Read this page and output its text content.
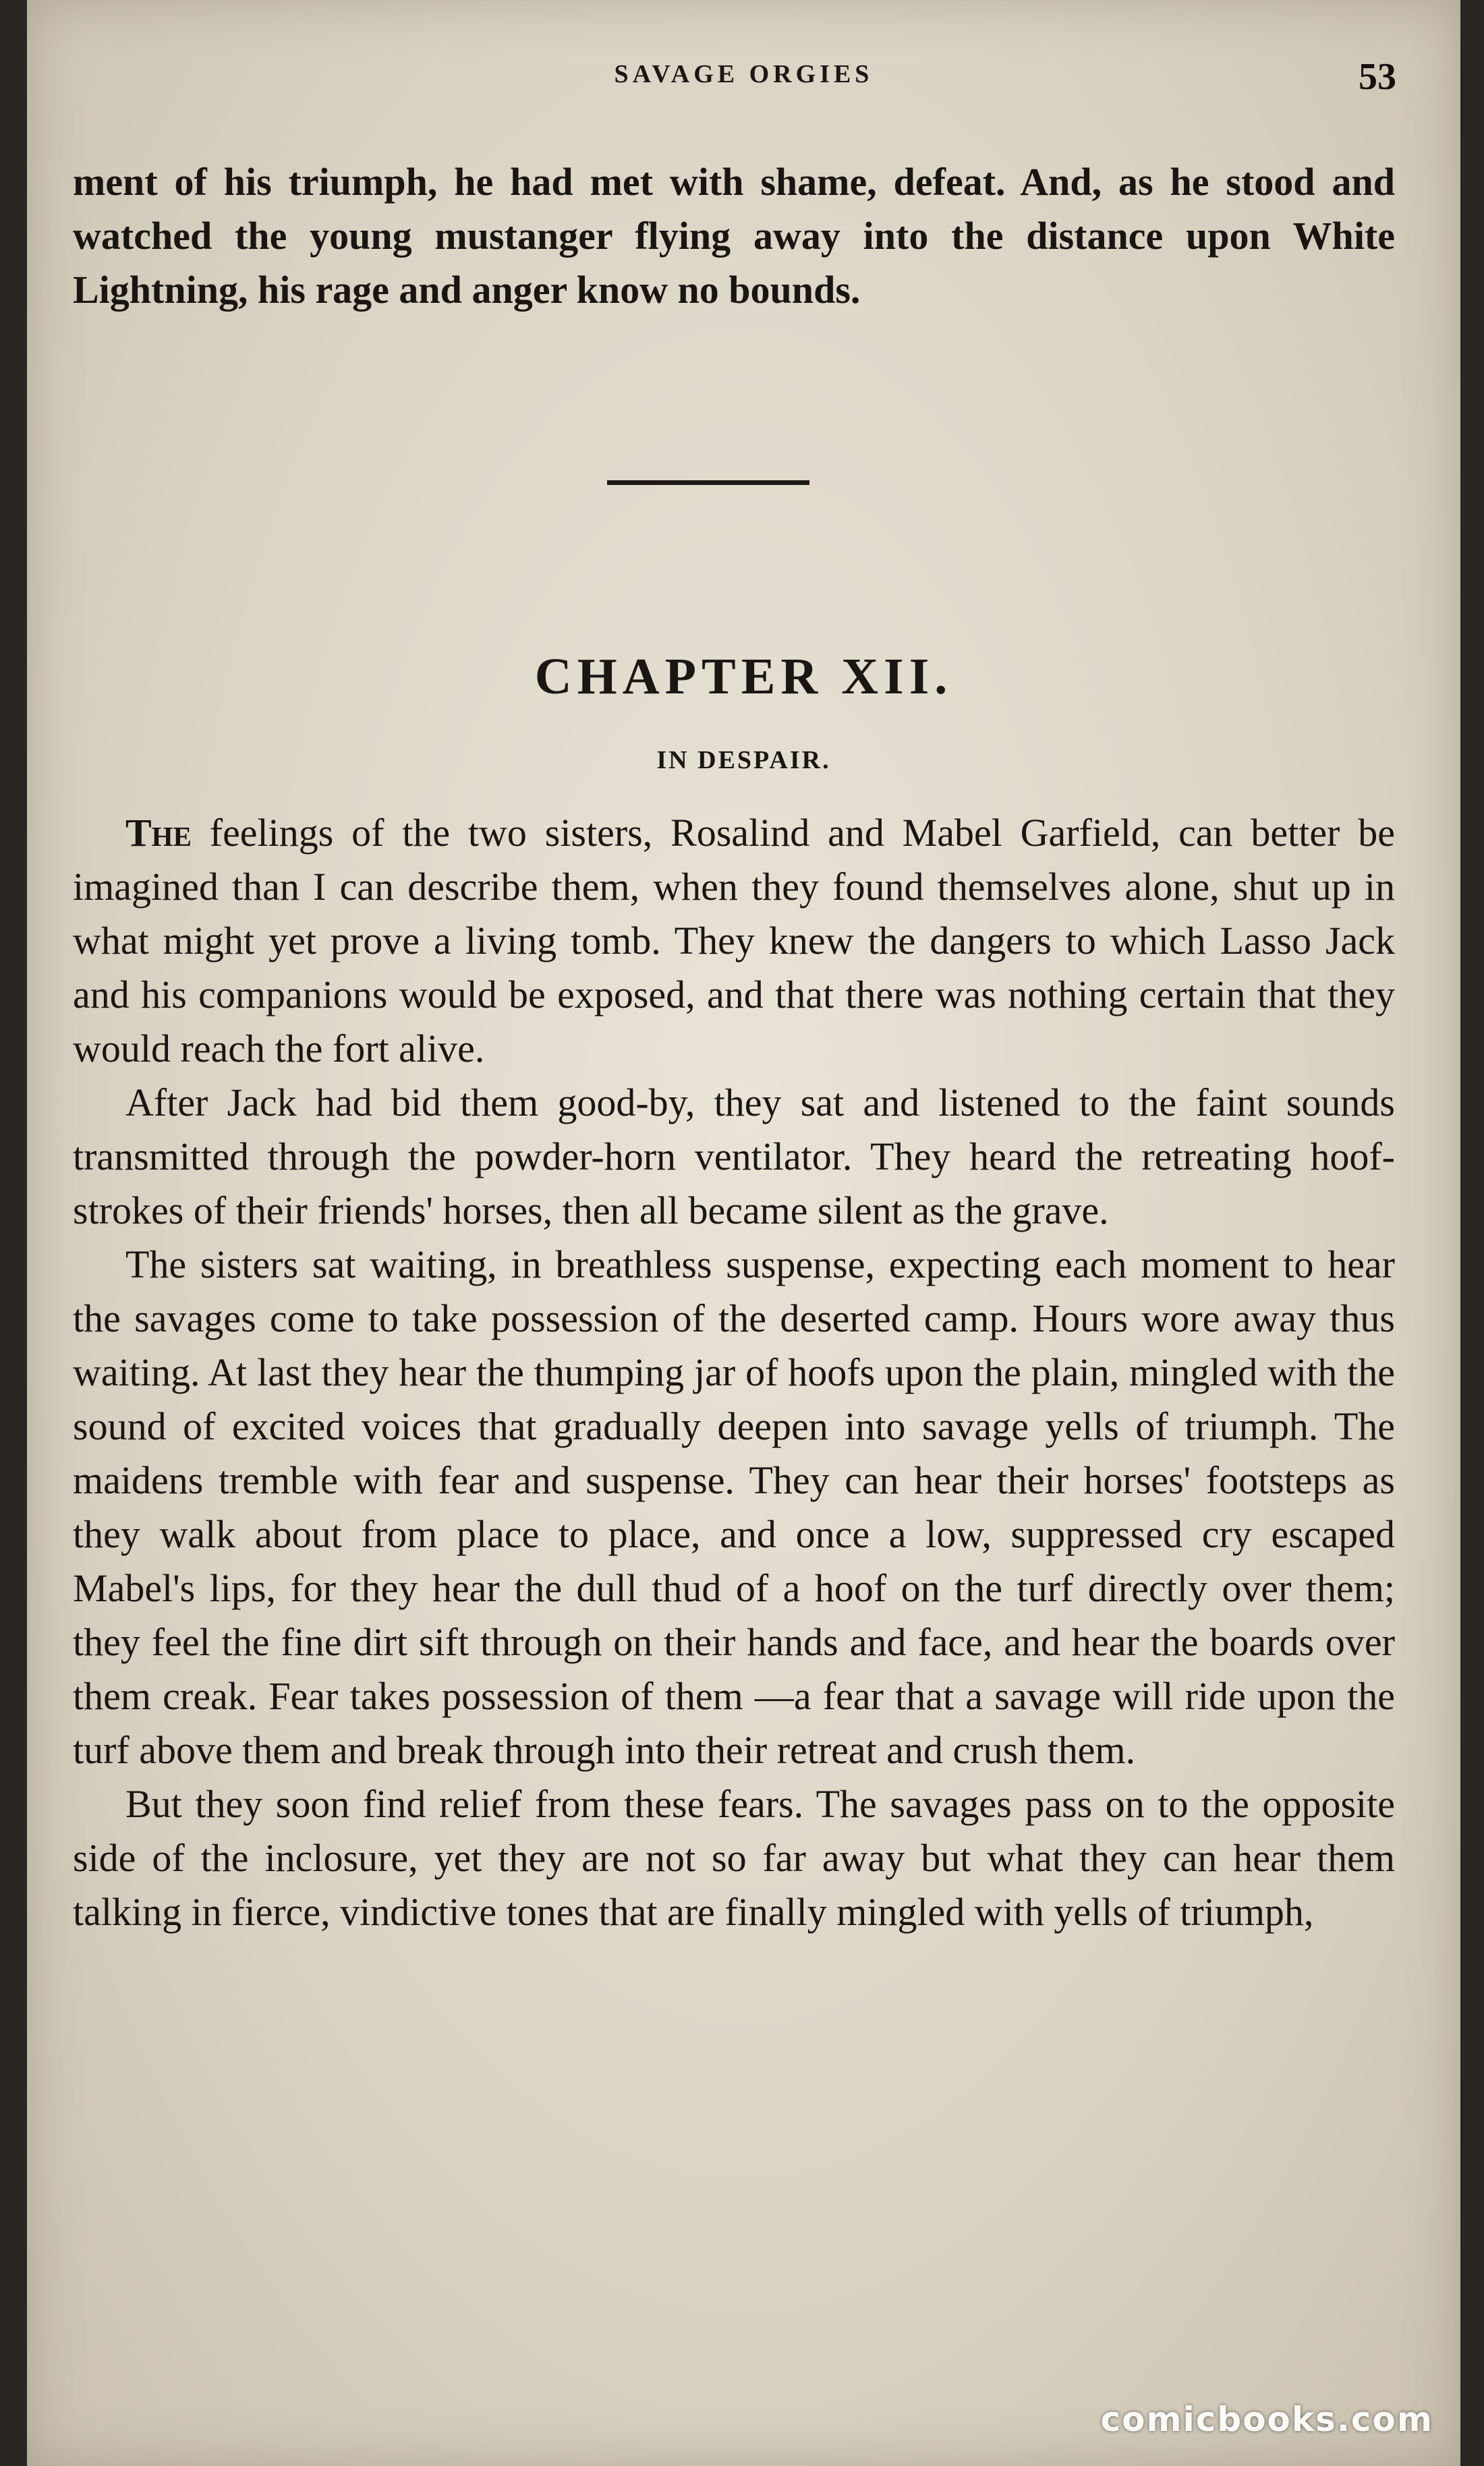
SAVAGE ORGIES	53

ment of his triumph, he had met with shame, defeat. And, as he stood and watched the young mustanger flying away into the distance upon White Lightning, his rage and anger know no bounds.

CHAPTER XII.
IN DESPAIR.

The feelings of the two sisters, Rosalind and Mabel Garfield, can better be imagined than I can describe them, when they found themselves alone, shut up in what might yet prove a living tomb. They knew the dangers to which Lasso Jack and his companions would be exposed, and that there was nothing certain that they would reach the fort alive.

After Jack had bid them good-by, they sat and listened to the faint sounds transmitted through the powder-horn ventilator. They heard the retreating hoof-strokes of their friends' horses, then all became silent as the grave.

The sisters sat waiting, in breathless suspense, expecting each moment to hear the savages come to take possession of the deserted camp. Hours wore away thus waiting. At last they hear the thumping jar of hoofs upon the plain, mingled with the sound of excited voices that gradually deepen into savage yells of triumph. The maidens tremble with fear and suspense. They can hear their horses' footsteps as they walk about from place to place, and once a low, suppressed cry escaped Mabel's lips, for they hear the dull thud of a hoof on the turf directly over them; they feel the fine dirt sift through on their hands and face, and hear the boards over them creak. Fear takes possession of them —a fear that a savage will ride upon the turf above them and break through into their retreat and crush them.

But they soon find relief from these fears. The savages pass on to the opposite side of the inclosure, yet they are not so far away but what they can hear them talking in fierce, vindictive tones that are finally mingled with yells of triumph,

comicbooks.com
